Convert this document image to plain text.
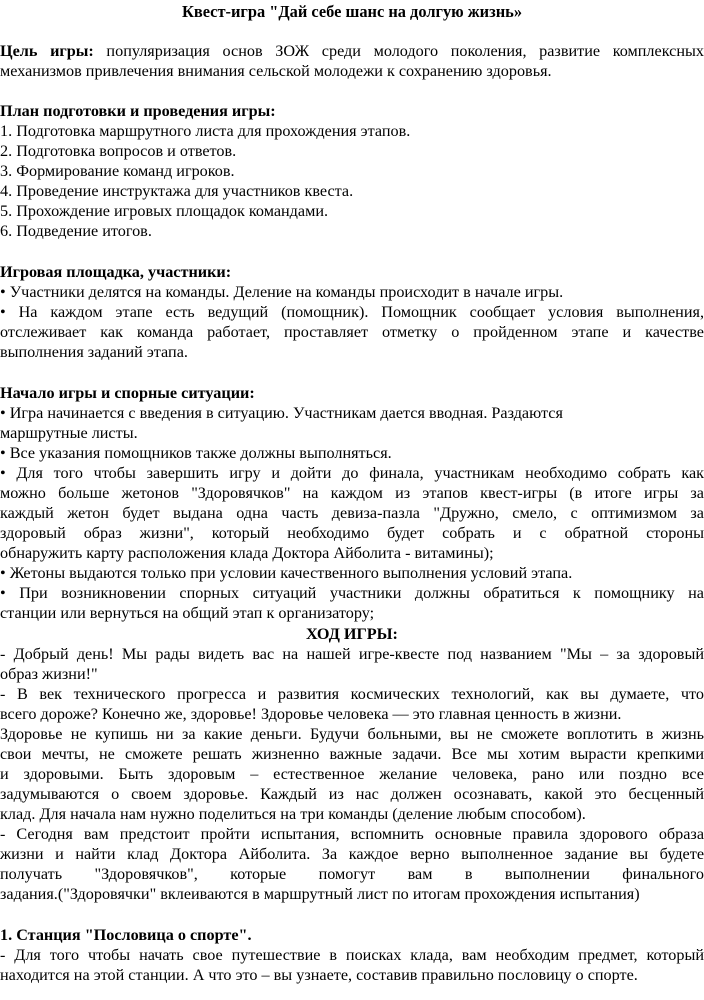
Квест-игра "Дай себе шанс на долгую жизнь»
Цель игры: популяризация основ ЗОЖ среди молодого поколения, развитие комплексных
механизмов привлечения внимания сельской молодежи к сохранению здоровья.
План подготовки и проведения игры:
1. Подготовка маршрутного листа для прохождения этапов.
2. Подготовка вопросов и ответов.
3. Формирование команд игроков.
4. Проведение инструктажа для участников квеста.
5. Прохождение игровых площадок командами.
6. Подведение итогов.
Игровая площадка, участники:
• Участники делятся на команды. Деление на команды происходит в начале игры.
• На каждом этапе есть ведущий (помощник). Помощник сообщает условия выполнения,
отслеживает как команда работает, проставляет отметку о пройденном этапе и качестве
выполнения заданий этапа.
Начало игры и спорные ситуации:
• Игра начинается с введения в ситуацию. Участникам дается вводная. Раздаются
маршрутные листы.
• Все указания помощников также должны выполняться.
• Для того чтобы завершить игру и дойти до финала, участникам необходимо собрать как
можно больше жетонов "Здоровячков" на каждом из этапов квест-игры (в итоге игры за
каждый жетон будет выдана одна часть девиза-пазла "Дружно, смело, с оптимизмом за
здоровый образ жизни", который необходимо будет собрать и с обратной стороны
обнаружить карту расположения клада Доктора Айболита - витамины);
• Жетоны выдаются только при условии качественного выполнения условий этапа.
• При возникновении спорных ситуаций участники должны обратиться к помощнику на
станции или вернуться на общий этап к организатору;
ХОД ИГРЫ:
- Добрый день! Мы рады видеть вас на нашей игре-квесте под названием "Мы – за здоровый
образ жизни!"
- В век технического прогресса и развития космических технологий, как вы думаете, что
всего дороже? Конечно же, здоровье! Здоровье человека — это главная ценность в жизни.
Здоровье не купишь ни за какие деньги. Будучи больными, вы не сможете воплотить в жизнь
свои мечты, не сможете решать жизненно важные задачи. Все мы хотим вырасти крепкими
и здоровыми. Быть здоровым – естественное желание человека, рано или поздно все
задумываются о своем здоровье. Каждый из нас должен осознавать, какой это бесценный
клад. Для начала нам нужно поделиться на три команды (деление любым способом).
- Сегодня вам предстоит пройти испытания, вспомнить основные правила здорового образа
жизни и найти клад Доктора Айболита. За каждое верно выполненное задание вы будете
получать "Здоровячков", которые помогут вам в выполнении финального
задания.("Здоровячки" вклеиваются в маршрутный лист по итогам прохождения испытания)
1. Станция "Пословица о спорте".
- Для того чтобы начать свое путешествие в поисках клада, вам необходим предмет, который
находится на этой станции. А что это – вы узнаете, составив правильно пословицу о спорте.
